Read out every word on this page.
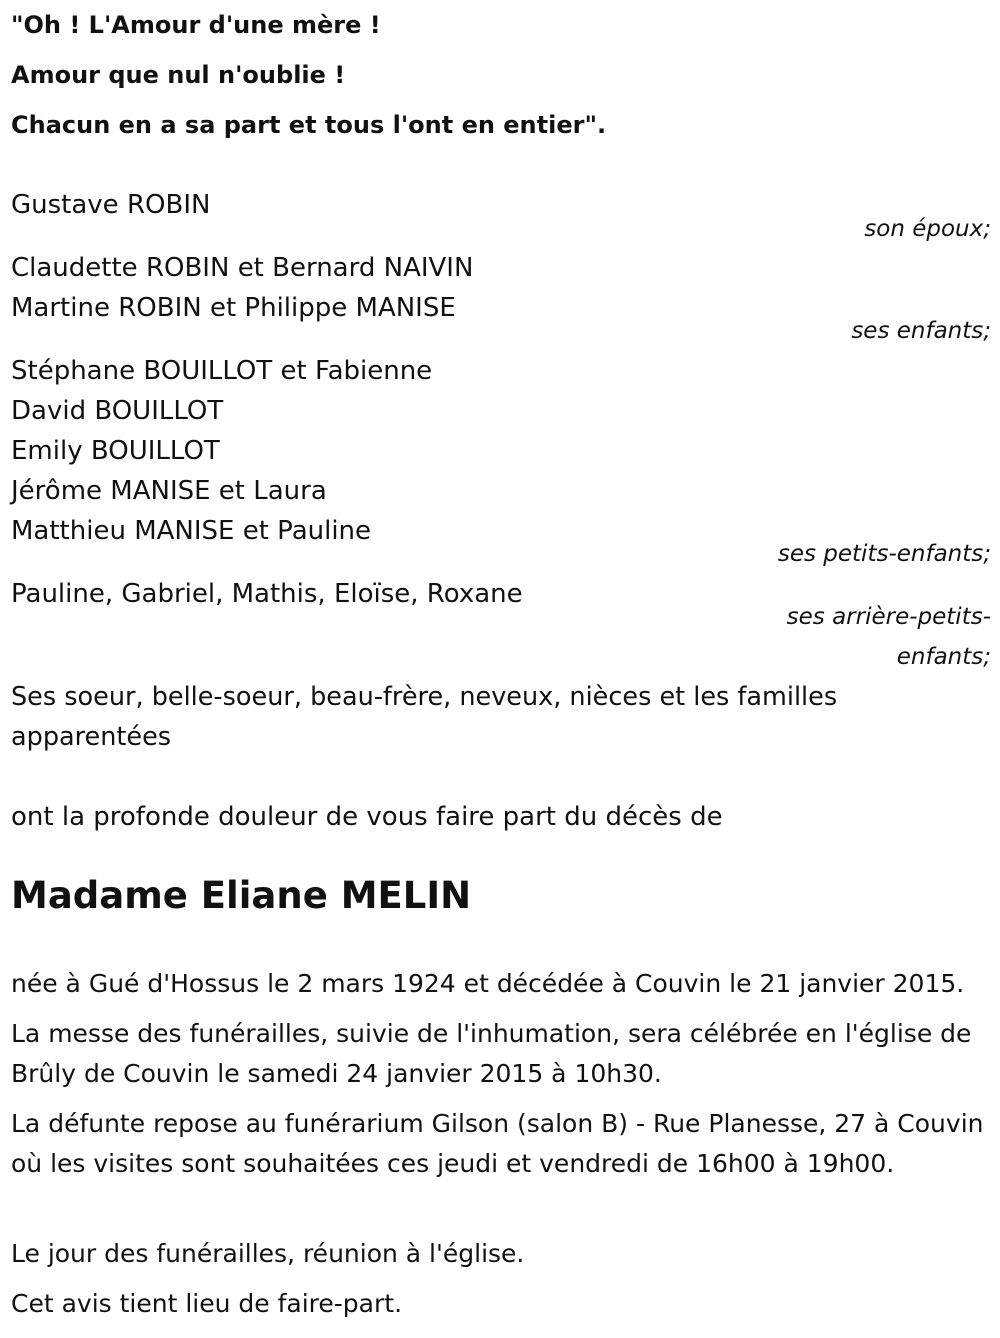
"Oh ! L'Amour d'une mère !
Amour que nul n'oublie !
Chacun en a sa part et tous l'ont en entier".
Gustave ROBIN
son époux;
Claudette ROBIN et Bernard NAIVIN
Martine ROBIN et Philippe MANISE
ses enfants;
Stéphane BOUILLOT et Fabienne
David BOUILLOT
Emily BOUILLOT
Jérôme MANISE et Laura
Matthieu MANISE et Pauline
ses petits-enfants;
Pauline, Gabriel, Mathis, Eloïse, Roxane
ses arrière-petits-
enfants;
Ses soeur, belle-soeur, beau-frère, neveux, nièces et les familles apparentées
ont la profonde douleur de vous faire part du décès de
Madame Eliane MELIN
née à Gué d'Hossus le 2 mars 1924 et décédée à Couvin le 21 janvier 2015.
La messe des funérailles, suivie de l'inhumation, sera célébrée en l'église de Brûly de Couvin le samedi 24 janvier 2015 à 10h30.
La défunte repose au funérarium Gilson (salon B) - Rue Planesse, 27 à Couvin où les visites sont souhaitées ces jeudi et vendredi de 16h00 à 19h00.
Le jour des funérailles, réunion à l'église.
Cet avis tient lieu de faire-part.
